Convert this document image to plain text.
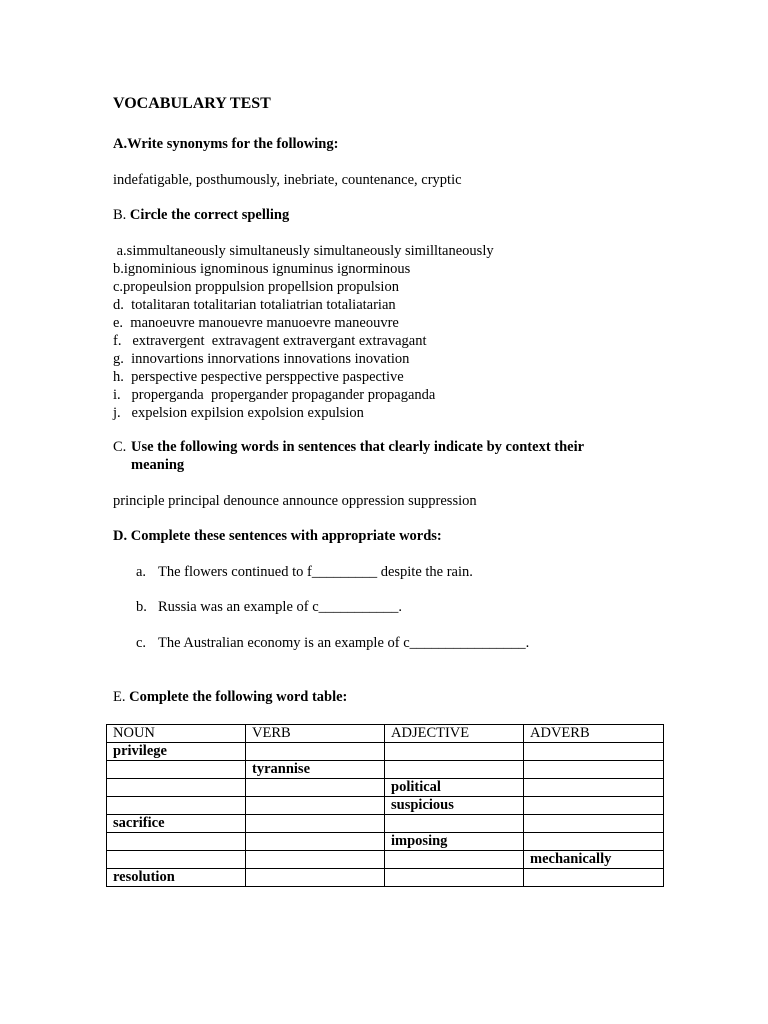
VOCABULARY TEST
A.Write synonyms for the following:
indefatigable, posthumously, inebriate, countenance, cryptic
B. Circle the correct spelling
a.simmultaneously simultaneusly simultaneously similltaneously
b.ignominious ignominous ignuminus ignorminous
c.propeulsion proppulsion propellsion propulsion
d.  totalitaran totalitarian totaliatrian totaliatarian
e.  manoeuvre manouevre manuoevre maneouvre
f.   extravergent  extravagent extravergant extravagant
g.  innovartions innorvations innovations inovation
h.  perspective pespective persppective paspective
i.   properganda  propergander propagander propaganda
j.   expelsion expilsion expolsion expulsion
C. Use the following words in sentences that clearly indicate by context their
meaning
principle principal denounce announce oppression suppression
D. Complete these sentences with appropriate words:
a. The flowers continued to f_________ despite the rain.
b. Russia was an example of c___________.
c. The Australian economy is an example of c________________.
E. Complete the following word table:
NOUN	VERB	ADJECTIVE	ADVERB
privilege			
	tyrannise		
		political	
		suspicious	
sacrifice			
		imposing	
			mechanically
resolution			
